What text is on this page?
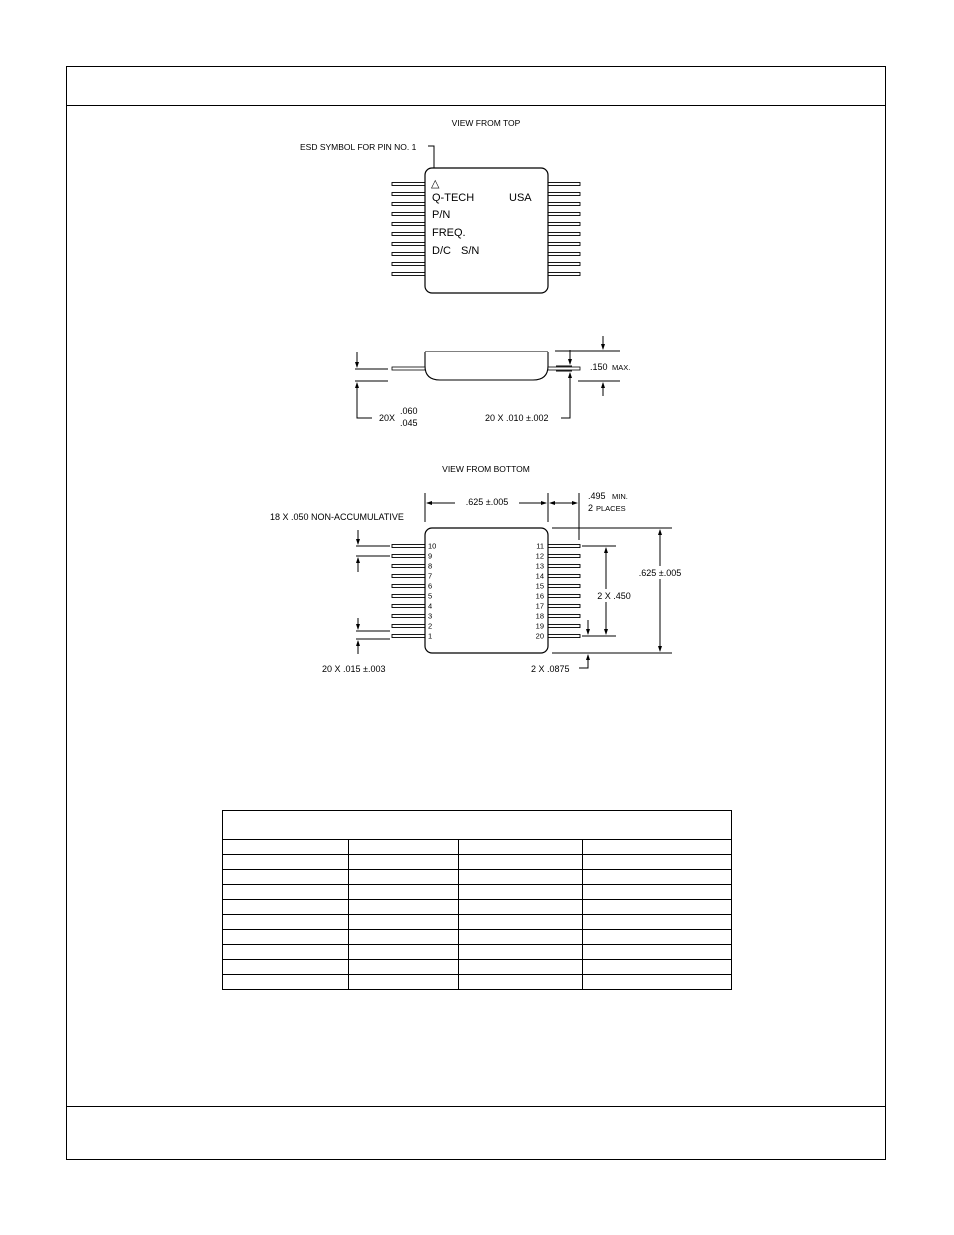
VIEW FROM TOP
ESD SYMBOL FOR PIN NO. 1
△
Q-TECH	USA
P/N
FREQ.
D/C S/N
20X
.060
.045	20 X .010 ±.002
.150 MAX.
VIEW FROM BOTTOM
.625 ±.005
.495 MIN.
2 PLACES
18 X .050 NON-ACCUMULATIVE
10
9
8
7
6
5
4
3
2
1
11
12
13
14
15
16
17
18
19
20
.625 ±.005
2 X .450
2 X .0875
20 X .015 ±.003
